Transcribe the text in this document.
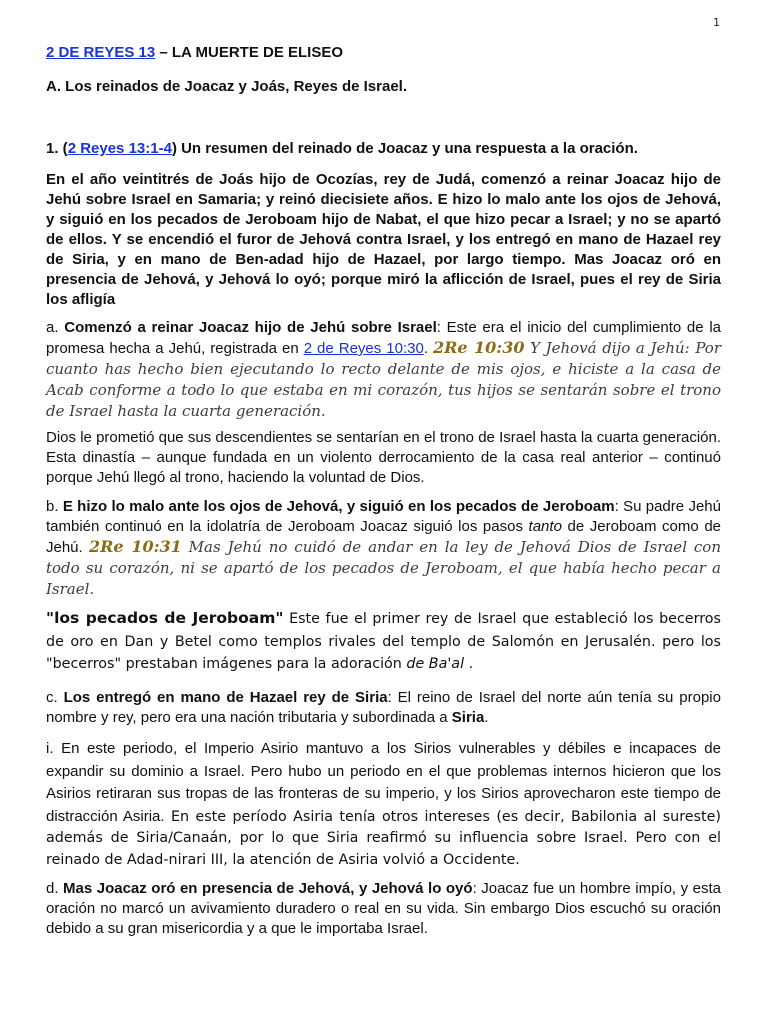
1
2 DE REYES 13 – LA MUERTE DE ELISEO
A. Los reinados de Joacaz y Joás, Reyes de Israel.
1. (2 Reyes 13:1-4) Un resumen del reinado de Joacaz y una respuesta a la oración.

En el año veintitrés de Joás hijo de Ocozías, rey de Judá, comenzó a reinar Joacaz hijo de Jehú sobre Israel en Samaria; y reinó diecisiete años. E hizo lo malo ante los ojos de Jehová, y siguió en los pecados de Jeroboam hijo de Nabat, el que hizo pecar a Israel; y no se apartó de ellos. Y se encendió el furor de Jehová contra Israel, y los entregó en mano de Hazael rey de Siria, y en mano de Ben-adad hijo de Hazael, por largo tiempo. Mas Joacaz oró en presencia de Jehová, y Jehová lo oyó; porque miró la aflicción de Israel, pues el rey de Siria los afligía

a. Comenzó a reinar Joacaz hijo de Jehú sobre Israel: Este era el inicio del cumplimiento de la promesa hecha a Jehú, registrada en 2 de Reyes 10:30. 2Re 10:30 Y Jehová dijo a Jehú: Por cuanto has hecho bien ejecutando lo recto delante de mis ojos, e hiciste a la casa de Acab conforme a todo lo que estaba en mi corazón, tus hijos se sentarán sobre el trono de Israel hasta la cuarta generación.

Dios le prometió que sus descendientes se sentarían en el trono de Israel hasta la cuarta generación. Esta dinastía – aunque fundada en un violento derrocamiento de la casa real anterior – continuó porque Jehú llegó al trono, haciendo la voluntad de Dios.

b. E hizo lo malo ante los ojos de Jehová, y siguió en los pecados de Jeroboam: Su padre Jehú también continuó en la idolatría de Jeroboam Joacaz siguió los pasos tanto de Jeroboam como de Jehú. 2Re 10:31 Mas Jehú no cuidó de andar en la ley de Jehová Dios de Israel con todo su corazón, ni se apartó de los pecados de Jeroboam, el que había hecho pecar a Israel.

"los pecados de Jeroboam" Este fue el primer rey de Israel que estableció los becerros de oro en Dan y Betel como templos rivales del templo de Salomón en Jerusalén. pero los "becerros" prestaban imágenes para la adoración de Ba'al .

c. Los entregó en mano de Hazael rey de Siria: El reino de Israel del norte aún tenía su propio nombre y rey, pero era una nación tributaria y subordinada a Siria.

i. En este periodo, el Imperio Asirio mantuvo a los Sirios vulnerables y débiles e incapaces de expandir su dominio a Israel. Pero hubo un periodo en el que problemas internos hicieron que los Asirios retiraran sus tropas de las fronteras de su imperio, y los Sirios aprovecharon este tiempo de distracción Asiria. En este período Asiria tenía otros intereses (es decir, Babilonia al sureste) además de Siria/Canaán, por lo que Siria reafirmó su influencia sobre Israel. Pero con el reinado de Adad-nirari III, la atención de Asiria volvió a Occidente.

d. Mas Joacaz oró en presencia de Jehová, y Jehová lo oyó: Joacaz fue un hombre impío, y esta oración no marcó un avivamiento duradero o real en su vida. Sin embargo Dios escuchó su oración debido a su gran misericordia y a que le importaba Israel.
